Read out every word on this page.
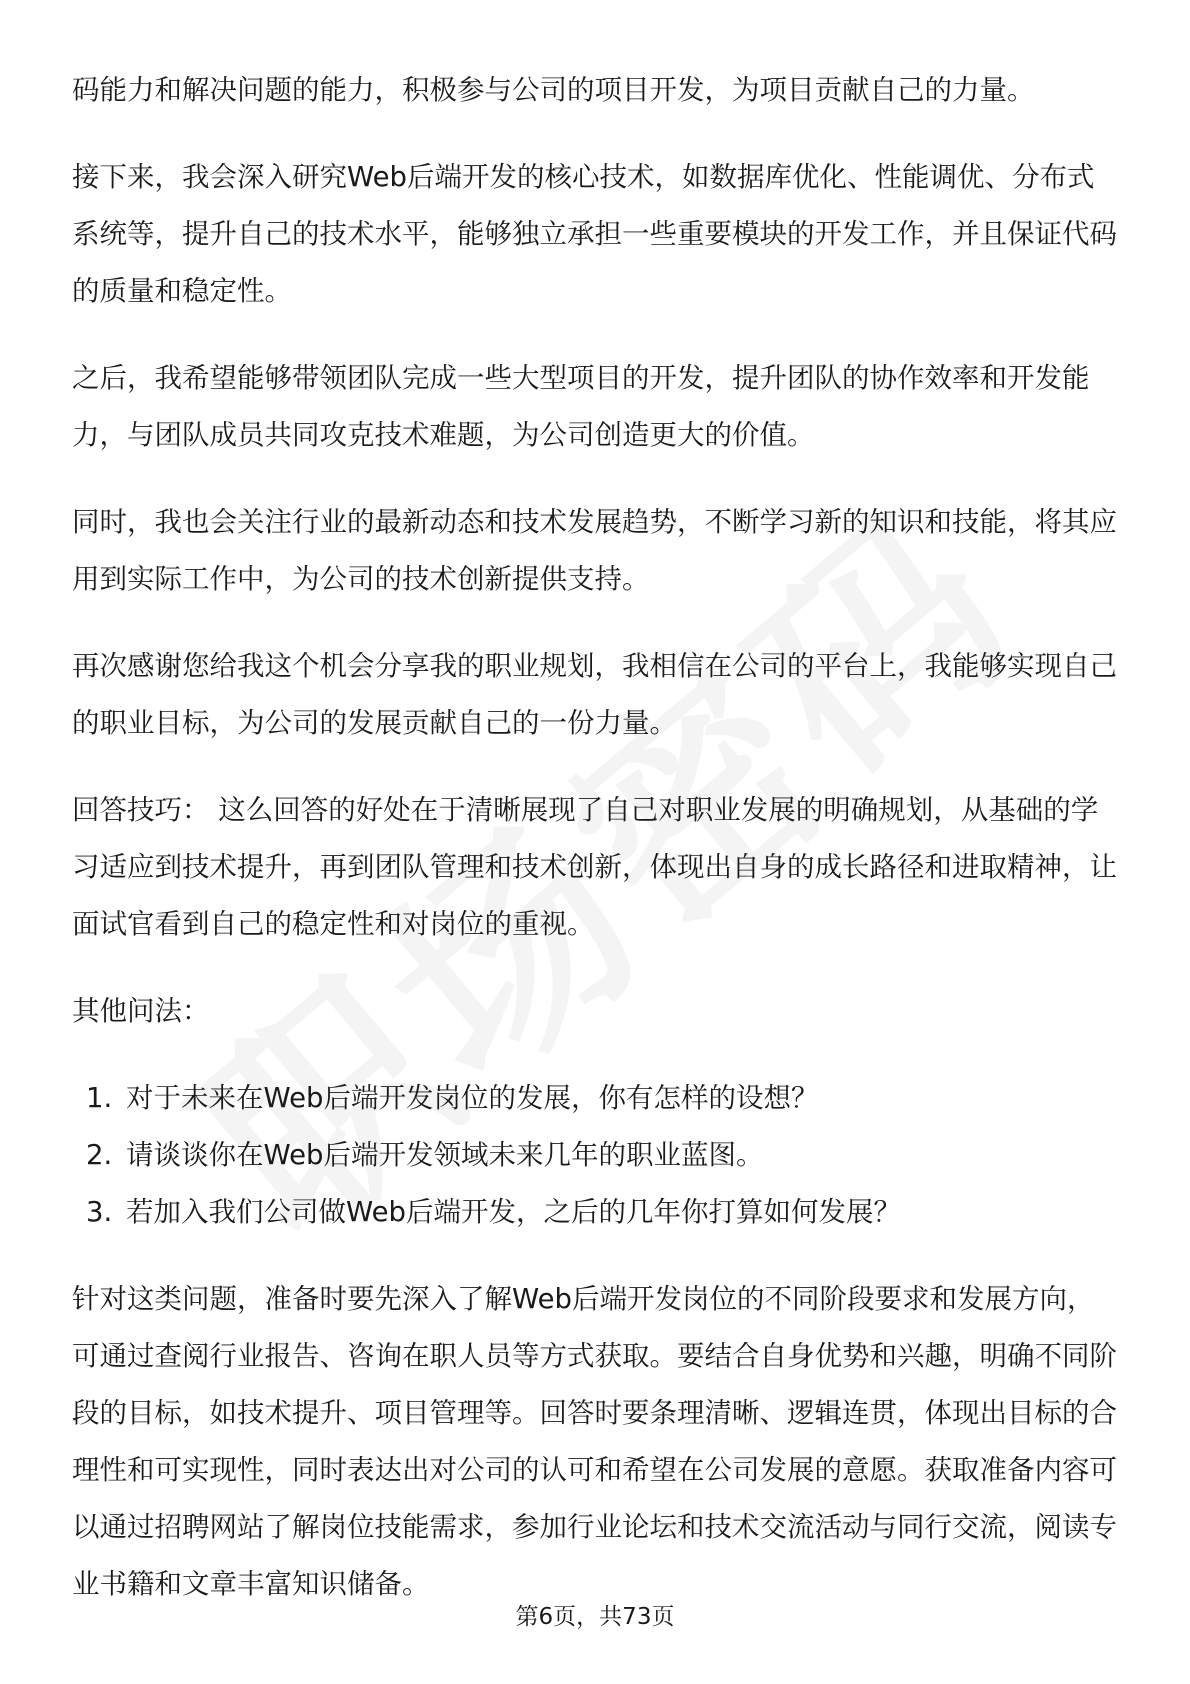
码能力和解决问题的能力，积极参与公司的项目开发，为项目贡献自己的力量。

接下来，我会深入研究Web后端开发的核心技术，如数据库优化、性能调优、分布式系统等，提升自己的技术水平，能够独立承担一些重要模块的开发工作，并且保证代码的质量和稳定性。

之后，我希望能够带领团队完成一些大型项目的开发，提升团队的协作效率和开发能力，与团队成员共同攻克技术难题，为公司创造更大的价值。

同时，我也会关注行业的最新动态和技术发展趋势，不断学习新的知识和技能，将其应用到实际工作中，为公司的技术创新提供支持。

再次感谢您给我这个机会分享我的职业规划，我相信在公司的平台上，我能够实现自己的职业目标，为公司的发展贡献自己的一份力量。

回答技巧： 这么回答的好处在于清晰展现了自己对职业发展的明确规划，从基础的学习适应到技术提升，再到团队管理和技术创新，体现出自身的成长路径和进取精神，让面试官看到自己的稳定性和对岗位的重视。

其他问法：

1. 对于未来在Web后端开发岗位的发展，你有怎样的设想？
2. 请谈谈你在Web后端开发领域未来几年的职业蓝图。
3. 若加入我们公司做Web后端开发，之后的几年你打算如何发展？

针对这类问题，准备时要先深入了解Web后端开发岗位的不同阶段要求和发展方向，可通过查阅行业报告、咨询在职人员等方式获取。要结合自身优势和兴趣，明确不同阶段的目标，如技术提升、项目管理等。回答时要条理清晰、逻辑连贯，体现出目标的合理性和可实现性，同时表达出对公司的认可和希望在公司发展的意愿。获取准备内容可以通过招聘网站了解岗位技能需求，参加行业论坛和技术交流活动与同行交流，阅读专业书籍和文章丰富知识储备。

第6页，共73页
